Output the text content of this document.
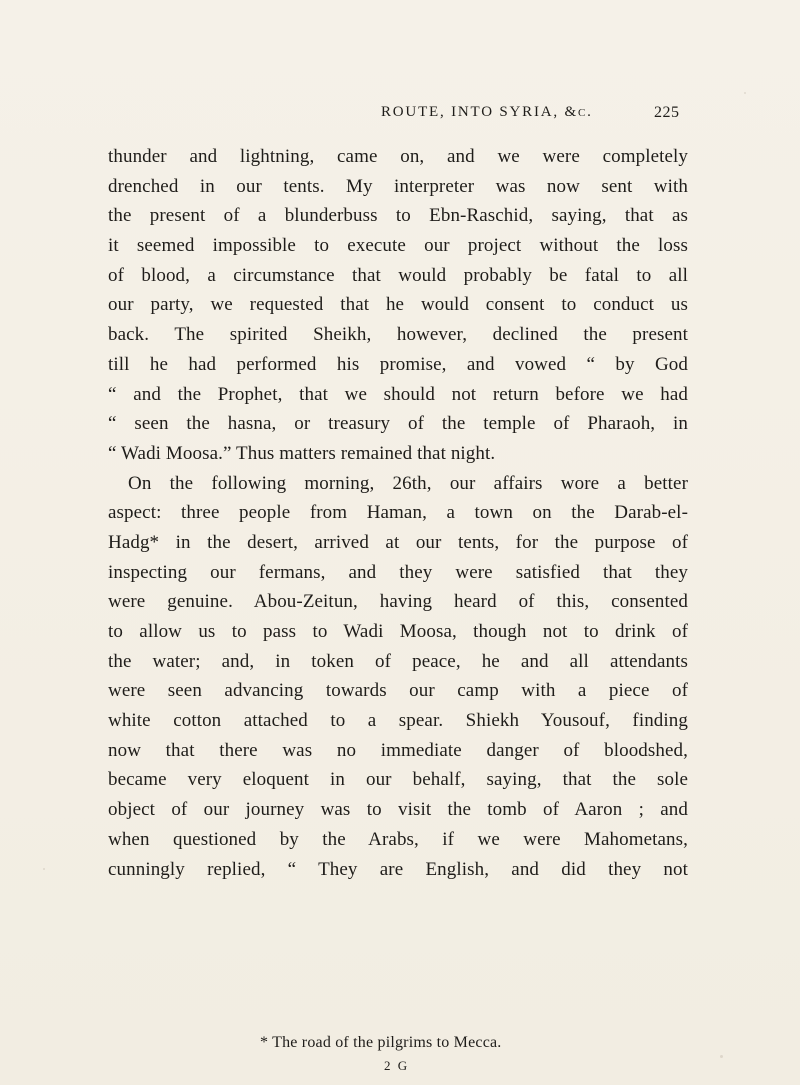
ROUTE, INTO SYRIA, &c.	225
thunder and lightning, came on, and we were completely
drenched in our tents. My interpreter was now sent with
the present of a blunderbuss to Ebn-Raschid, saying, that as
it seemed impossible to execute our project without the loss
of blood, a circumstance that would probably be fatal to all
our party, we requested that he would consent to conduct us
back. The spirited Sheikh, however, declined the present
till he had performed his promise, and vowed “ by God
“ and the Prophet, that we should not return before we had
“ seen the hasna, or treasury of the temple of Pharaoh, in
“ Wadi Moosa.” Thus matters remained that night.
On the following morning, 26th, our affairs wore a better
aspect: three people from Haman, a town on the Darab-el-
Hadg* in the desert, arrived at our tents, for the purpose of
inspecting our fermans, and they were satisfied that they
were genuine. Abou-Zeitun, having heard of this, consented
to allow us to pass to Wadi Moosa, though not to drink of
the water; and, in token of peace, he and all attendants
were seen advancing towards our camp with a piece of
white cotton attached to a spear. Shiekh Yousouf, finding
now that there was no immediate danger of bloodshed,
became very eloquent in our behalf, saying, that the sole
object of our journey was to visit the tomb of Aaron ; and
when questioned by the Arabs, if we were Mahometans,
cunningly replied, “ They are English, and did they not
* The road of the pilgrims to Mecca.
2 G
